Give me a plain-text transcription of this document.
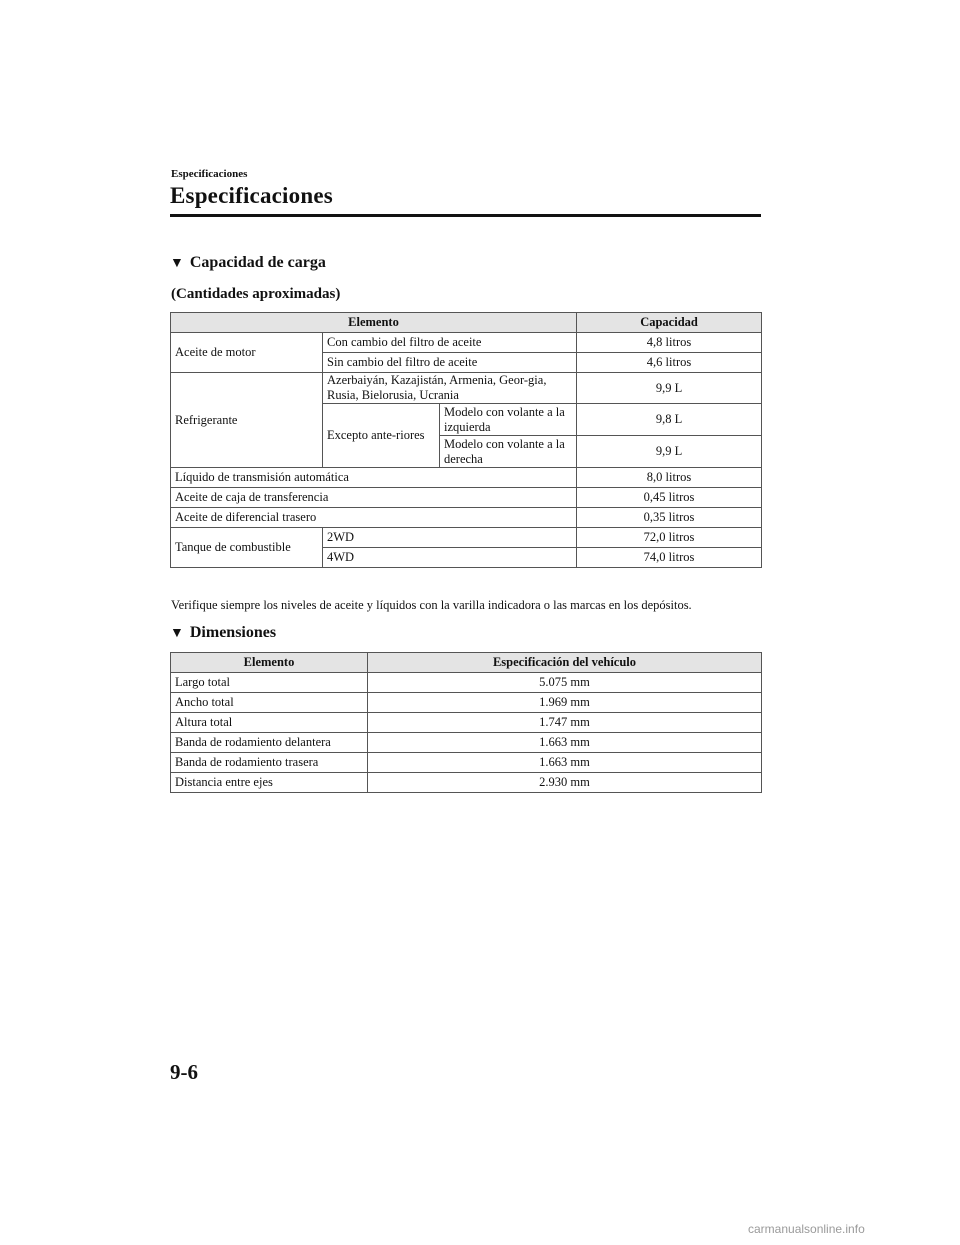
Especificaciones
Especificaciones
▼ Capacidad de carga
(Cantidades aproximadas)
Elemento			Capacidad
Aceite de motor	Con cambio del filtro de aceite		4,8 litros
	Sin cambio del filtro de aceite		4,6 litros
Refrigerante	Azerbaiyán, Kazajistán, Armenia, Geor-gia, Rusia, Bielorusia, Ucrania		9,9 L
	Excepto ante-riores	Modelo con volante a la izquierda	9,8 L
		Modelo con volante a la derecha	9,9 L
Líquido de transmisión automática			8,0 litros
Aceite de caja de transferencia			0,45 litros
Aceite de diferencial trasero			0,35 litros
Tanque de combustible	2WD		72,0 litros
	4WD		74,0 litros
Verifique siempre los niveles de aceite y líquidos con la varilla indicadora o las marcas en los depósitos.
▼ Dimensiones
Elemento	Especificación del vehículo
Largo total	5.075 mm
Ancho total	1.969 mm
Altura total	1.747 mm
Banda de rodamiento delantera	1.663 mm
Banda de rodamiento trasera	1.663 mm
Distancia entre ejes	2.930 mm
9-6
carmanualsonline.info
